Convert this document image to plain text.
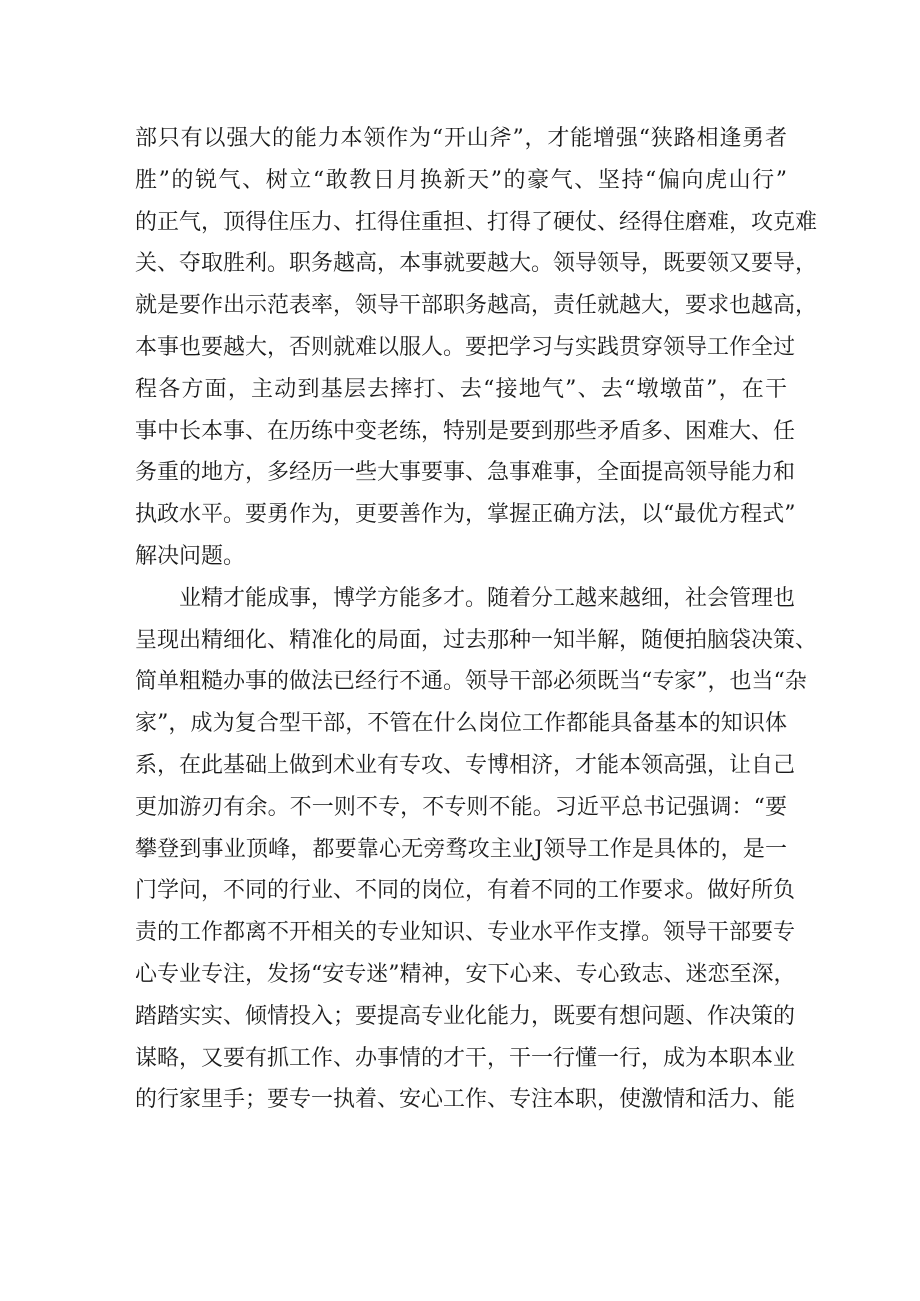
部只有以强大的能力本领作为“开山斧”，才能增强“狭路相逢勇者
胜”的锐气、树立“敢教日月换新天”的豪气、坚持“偏向虎山行”
的正气，顶得住压力、扛得住重担、打得了硬仗、经得住磨难，攻克难
关、夺取胜利。职务越高，本事就要越大。领导领导，既要领又要导，
就是要作出示范表率，领导干部职务越高，责任就越大，要求也越高，
本事也要越大，否则就难以服人。要把学习与实践贯穿领导工作全过
程各方面，主动到基层去摔打、去“接地气”、去“墩墩苗”，在干
事中长本事、在历练中变老练，特别是要到那些矛盾多、困难大、任
务重的地方，多经历一些大事要事、急事难事，全面提高领导能力和
执政水平。要勇作为，更要善作为，掌握正确方法，以“最优方程式”
解决问题。
业精才能成事，博学方能多才。随着分工越来越细，社会管理也
呈现出精细化、精准化的局面，过去那种一知半解，随便拍脑袋决策、
简单粗糙办事的做法已经行不通。领导干部必须既当“专家”，也当“杂
家”，成为复合型干部，不管在什么岗位工作都能具备基本的知识体
系，在此基础上做到术业有专攻、专博相济，才能本领高强，让自己
更加游刃有余。不一则不专，不专则不能。习近平总书记强调：“要
攀登到事业顶峰，都要靠心无旁骛攻主业J领导工作是具体的，是一
门学问，不同的行业、不同的岗位，有着不同的工作要求。做好所负
责的工作都离不开相关的专业知识、专业水平作支撑。领导干部要专
心专业专注，发扬“安专迷”精神，安下心来、专心致志、迷恋至深，
踏踏实实、倾情投入；要提高专业化能力，既要有想问题、作决策的
谋略，又要有抓工作、办事情的才干，干一行懂一行，成为本职本业
的行家里手；要专一执着、安心工作、专注本职，使激情和活力、能
